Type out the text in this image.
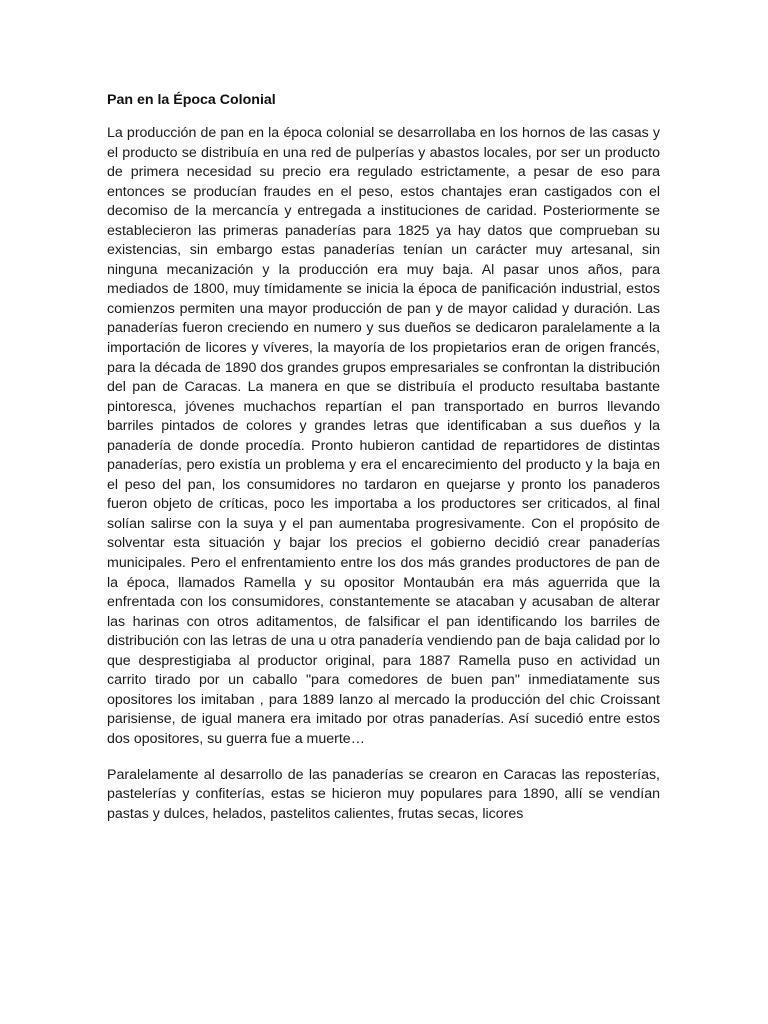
Pan en la Época Colonial

La producción de pan en la época colonial se desarrollaba en los hornos de las casas y el producto se distribuía en una red de pulperías y abastos locales, por ser un producto de primera necesidad su precio era regulado estrictamente, a pesar de eso para entonces se producían fraudes en el peso, estos chantajes eran castigados con el decomiso de la mercancía y entregada a instituciones de caridad. Posteriormente se establecieron las primeras panaderías para 1825 ya hay datos que comprueban su existencias, sin embargo estas panaderías tenían un carácter muy artesanal, sin ninguna mecanización y la producción era muy baja. Al pasar unos años, para mediados de 1800, muy tímidamente se inicia la época de panificación industrial, estos comienzos permiten una mayor producción de pan y de mayor calidad y duración. Las panaderías fueron creciendo en numero y sus dueños se dedicaron paralelamente a la importación de licores y víveres, la mayoría de los propietarios eran de origen francés, para la década de 1890 dos grandes grupos empresariales se confrontan la distribución del pan de Caracas. La manera en que se distribuía el producto resultaba bastante pintoresca, jóvenes muchachos repartían el pan transportado en burros llevando barriles pintados de colores y grandes letras que identificaban a sus dueños y la panadería de donde procedía. Pronto hubieron cantidad de repartidores de distintas panaderías, pero existía un problema y era el encarecimiento del producto y la baja en el peso del pan, los consumidores no tardaron en quejarse y pronto los panaderos fueron objeto de críticas, poco les importaba a los productores ser criticados, al final solían salirse con la suya y el pan aumentaba progresivamente. Con el propósito de solventar esta situación y bajar los precios el gobierno decidió crear panaderías municipales. Pero el enfrentamiento entre los dos más grandes productores de pan de la época, llamados Ramella y su opositor Montaubán era más aguerrida que la enfrentada con los consumidores, constantemente se atacaban y acusaban de alterar las harinas con otros aditamentos, de falsificar el pan identificando los barriles de distribución con las letras de una u otra panadería vendiendo pan de baja calidad por lo que desprestigiaba al productor original, para 1887 Ramella puso en actividad un carrito tirado por un caballo "para comedores de buen pan" inmediatamente sus opositores los imitaban , para 1889 lanzo al mercado la producción del chic Croissant parisiense, de igual manera era imitado por otras panaderías. Así sucedió entre estos dos opositores, su guerra fue a muerte…

Paralelamente al desarrollo de las panaderías se crearon en Caracas las reposterías, pastelerías y confiterías, estas se hicieron muy populares para 1890, allí se vendían pastas y dulces, helados, pastelitos calientes, frutas secas, licores
